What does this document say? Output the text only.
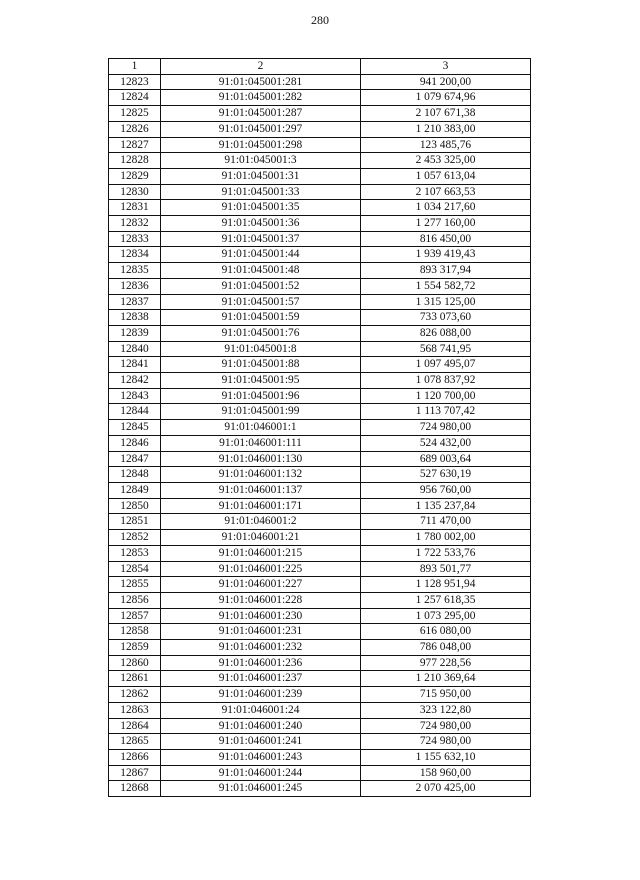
280
1	2	3
12823	91:01:045001:281	941 200,00
12824	91:01:045001:282	1 079 674,96
12825	91:01:045001:287	2 107 671,38
12826	91:01:045001:297	1 210 383,00
12827	91:01:045001:298	123 485,76
12828	91:01:045001:3	2 453 325,00
12829	91:01:045001:31	1 057 613,04
12830	91:01:045001:33	2 107 663,53
12831	91:01:045001:35	1 034 217,60
12832	91:01:045001:36	1 277 160,00
12833	91:01:045001:37	816 450,00
12834	91:01:045001:44	1 939 419,43
12835	91:01:045001:48	893 317,94
12836	91:01:045001:52	1 554 582,72
12837	91:01:045001:57	1 315 125,00
12838	91:01:045001:59	733 073,60
12839	91:01:045001:76	826 088,00
12840	91:01:045001:8	568 741,95
12841	91:01:045001:88	1 097 495,07
12842	91:01:045001:95	1 078 837,92
12843	91:01:045001:96	1 120 700,00
12844	91:01:045001:99	1 113 707,42
12845	91:01:046001:1	724 980,00
12846	91:01:046001:111	524 432,00
12847	91:01:046001:130	689 003,64
12848	91:01:046001:132	527 630,19
12849	91:01:046001:137	956 760,00
12850	91:01:046001:171	1 135 237,84
12851	91:01:046001:2	711 470,00
12852	91:01:046001:21	1 780 002,00
12853	91:01:046001:215	1 722 533,76
12854	91:01:046001:225	893 501,77
12855	91:01:046001:227	1 128 951,94
12856	91:01:046001:228	1 257 618,35
12857	91:01:046001:230	1 073 295,00
12858	91:01:046001:231	616 080,00
12859	91:01:046001:232	786 048,00
12860	91:01:046001:236	977 228,56
12861	91:01:046001:237	1 210 369,64
12862	91:01:046001:239	715 950,00
12863	91:01:046001:24	323 122,80
12864	91:01:046001:240	724 980,00
12865	91:01:046001:241	724 980,00
12866	91:01:046001:243	1 155 632,10
12867	91:01:046001:244	158 960,00
12868	91:01:046001:245	2 070 425,00
